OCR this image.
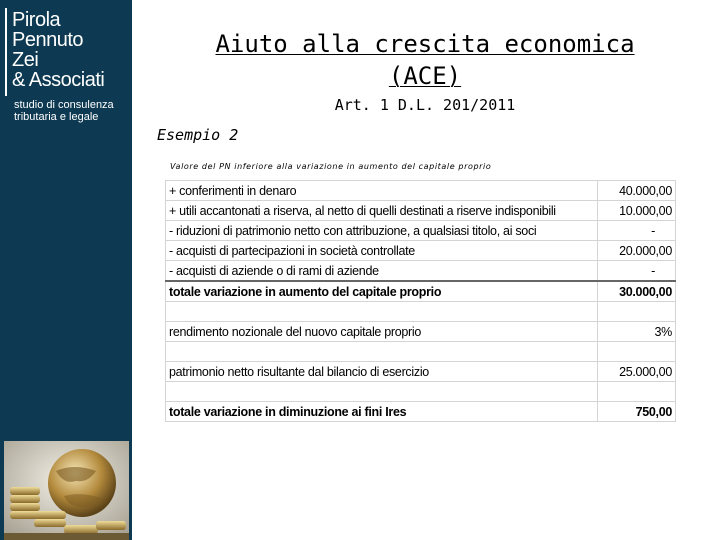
Pirola
Pennuto
Zei
& Associati
studio di consulenza
tributaria e legale
Aiuto alla crescita economica
(ACE)
Art. 1 D.L. 201/2011
Esempio 2
Valore del PN inferiore alla variazione in aumento del capitale proprio
+ conferimenti in denaro	40.000,00
+ utili accantonati a riserva, al netto di quelli destinati a riserve indisponibili	10.000,00
- riduzioni di patrimonio netto con attribuzione, a qualsiasi titolo, ai soci	-
- acquisti di partecipazioni in società controllate	20.000,00
- acquisti di aziende o di rami di aziende	-
totale variazione in aumento del capitale proprio	30.000,00

rendimento nozionale del nuovo capitale proprio	3%

patrimonio netto risultante dal bilancio di esercizio	25.000,00

totale variazione in diminuzione ai fini Ires	750,00
